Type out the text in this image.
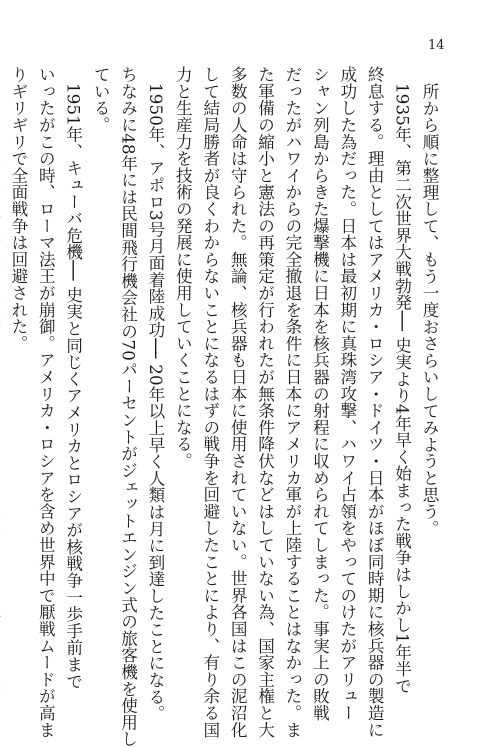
14

所から順に整理して、もう一度おさらいしてみようと思う。

1935年、第二次世界大戦勃発── 史実より4年早く始まった戦争はしかし1年半で

終息する。理由としてはアメリカ・ロシア・ドイツ・日本がほぼ同時期に核兵器の製造に

成功した為だった。日本は最初期に真珠湾攻撃、ハワイ占領をやってのけたがアリュー

シャン列島からきた爆撃機に日本を核兵器の射程に収められてしまった。事実上の敗戦

だったがハワイからの完全撤退を条件に日本にアメリカ軍が上陸することはなかった。ま

た軍備の縮小と憲法の再策定が行われたが無条件降伏などはしていない為、国家主権と大

多数の人命は守られた。無論、核兵器も日本に使用されていない。世界各国はこの泥沼化

して結局勝者が良くわからないことになるはずの戦争を回避したことにより、有り余る国

力と生産力を技術の発展に使用していくことになる。

1950年、アポロ3号月面着陸成功── 20年以上早く人類は月に到達したことになる。

ちなみに48年には民間飛行機会社の70パーセントがジェットエンジン式の旅客機を使用し

ている。

1951年、キューバ危機── 史実と同じくアメリカとロシアが核戦争一歩手前まで

いったがこの時、ローマ法王が崩御。アメリカ・ロシアを含め世界中で厭戦ムードが高ま

りギリギリで全面戦争は回避された。
